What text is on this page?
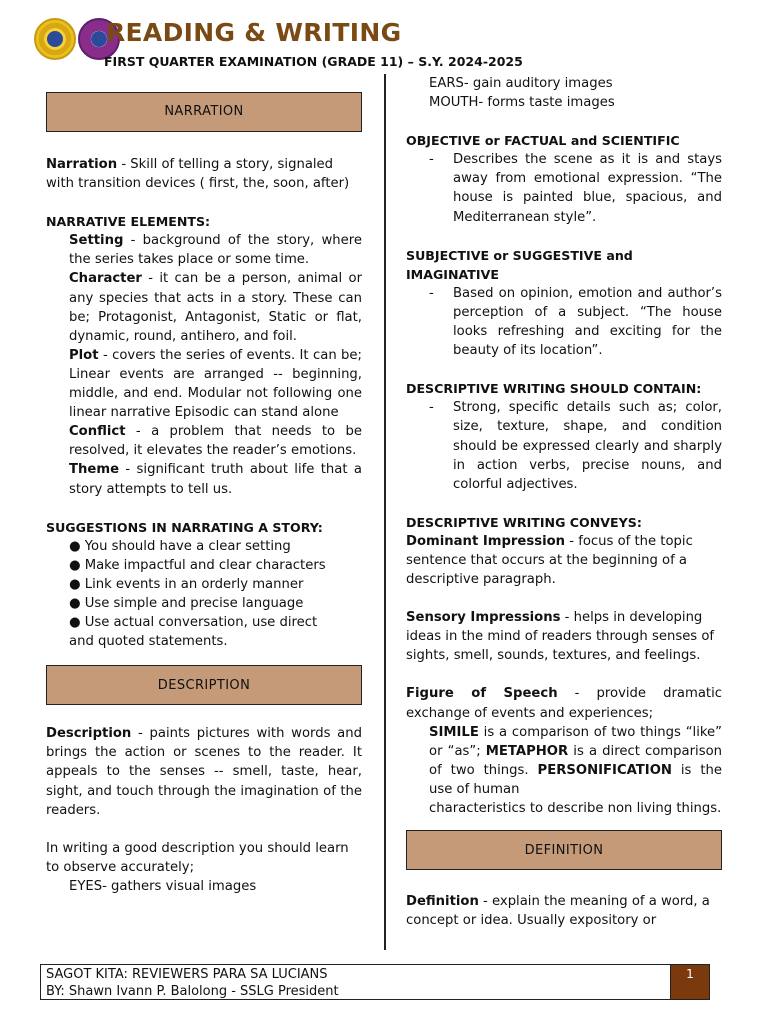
READING & WRITING

FIRST QUARTER EXAMINATION (GRADE 11) – S.Y. 2024-2025

NARRATION

Narration - Skill of telling a story, signaled with transition devices ( first, the, soon, after)

NARRATIVE ELEMENTS:

Setting - background of the story, where the series takes place or some time.

Character - it can be a person, animal or any species that acts in a story. These can be; Protagonist, Antagonist, Static or flat, dynamic, round, antihero, and foil.

Plot - covers the series of events. It can be; Linear events are arranged -- beginning, middle, and end. Modular not following one linear narrative Episodic can stand alone

Conflict - a problem that needs to be resolved, it elevates the reader’s emotions.

Theme - significant truth about life that a story attempts to tell us.

SUGGESTIONS IN NARRATING A STORY:

● You should have a clear setting

● Make impactful and clear characters

● Link events in an orderly manner

● Use simple and precise language

● Use actual conversation, use direct

and quoted statements.

DESCRIPTION

Description - paints pictures with words and brings the action or scenes to the reader. It appeals to the senses -- smell, taste, hear, sight, and touch through the imagination of the readers.

In writing a good description you should learn to observe accurately;

EYES- gathers visual images

EARS- gain auditory images

MOUTH- forms taste images

OBJECTIVE or FACTUAL and SCIENTIFIC

-	Describes the scene as it is and stays away from emotional expression. “The house is painted blue, spacious, and Mediterranean style”.

SUBJECTIVE or SUGGESTIVE and IMAGINATIVE

-	Based on opinion, emotion and author’s perception of a subject. “The house looks refreshing and exciting for the beauty of its location”.

DESCRIPTIVE WRITING SHOULD CONTAIN:

-	Strong, specific details such as; color, size, texture, shape, and condition should be expressed clearly and sharply in action verbs, precise nouns, and colorful adjectives.

DESCRIPTIVE WRITING CONVEYS:

Dominant Impression - focus of the topic sentence that occurs at the beginning of a descriptive paragraph.

Sensory Impressions - helps in developing ideas in the mind of readers through senses of sights, smell, sounds, textures, and feelings.

Figure of Speech - provide dramatic exchange of events and experiences;

SIMILE is a comparison of two things “like” or “as”; METAPHOR is a direct comparison of two things. PERSONIFICATION is the use of human

characteristics to describe non living things.

DEFINITION

Definition - explain the meaning of a word, a concept or idea. Usually expository or

SAGOT KITA: REVIEWERS PARA SA LUCIANS
BY: Shawn Ivann P. Balolong - SSLG President
1
